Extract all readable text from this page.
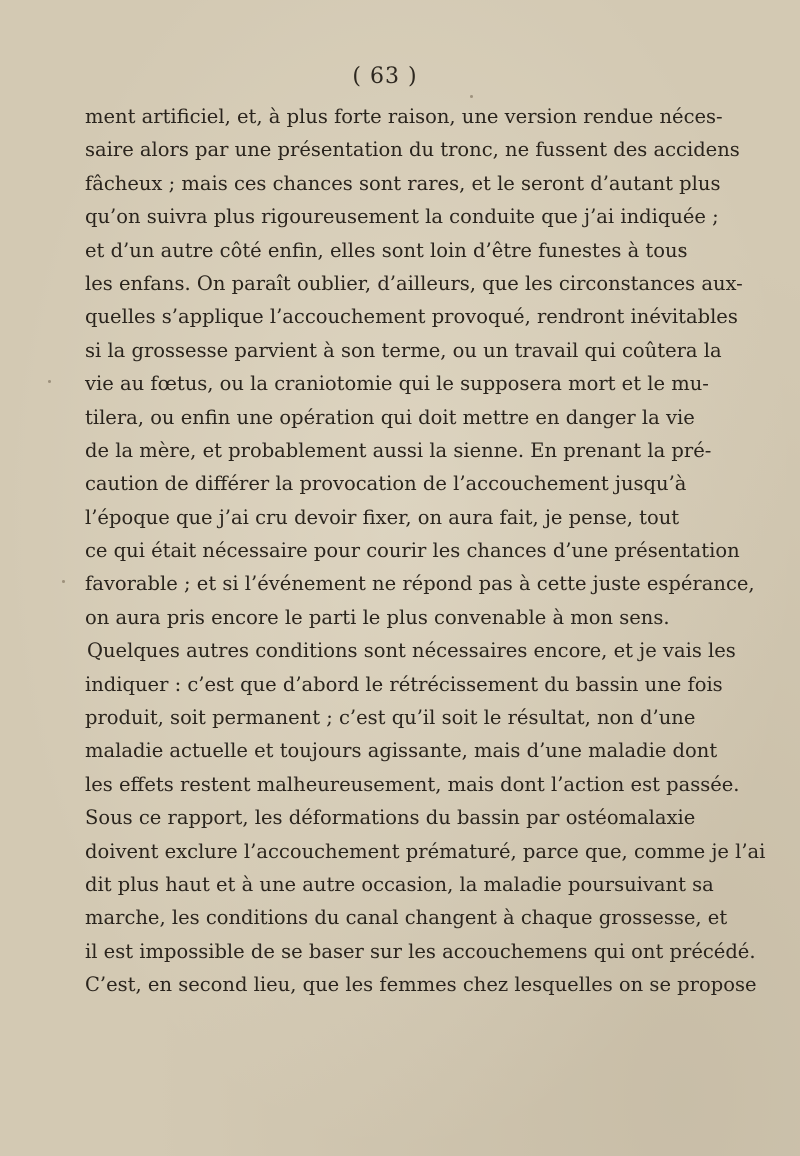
( 63 )
ment artificiel, et, à plus forte raison, une version rendue néces-
saire alors par une présentation du tronc, ne fussent des accidens
fâcheux ; mais ces chances sont rares, et le seront d’autant plus
qu’on suivra plus rigoureusement la conduite que j’ai indiquée ;
et d’un autre côté enfin, elles sont loin d’être funestes à tous
les enfans. On paraît oublier, d’ailleurs, que les circonstances aux-
quelles s’applique l’accouchement provoqué, rendront inévitables
si la grossesse parvient à son terme, ou un travail qui coûtera la
vie au fœtus, ou la craniotomie qui le supposera mort et le mu-
tilera, ou enfin une opération qui doit mettre en danger la vie
de la mère, et probablement aussi la sienne. En prenant la pré-
caution de différer la provocation de l’accouchement jusqu’à
l’époque que j’ai cru devoir fixer, on aura fait, je pense, tout
ce qui était nécessaire pour courir les chances d’une présentation
favorable ; et si l’événement ne répond pas à cette juste espérance,
on aura pris encore le parti le plus convenable à mon sens.
Quelques autres conditions sont nécessaires encore, et je vais les
indiquer : c’est que d’abord le rétrécissement du bassin une fois
produit, soit permanent ; c’est qu’il soit le résultat, non d’une
maladie actuelle et toujours agissante, mais d’une maladie dont
les effets restent malheureusement, mais dont l’action est passée.
Sous ce rapport, les déformations du bassin par ostéomalaxie
doivent exclure l’accouchement prématuré, parce que, comme je l’ai
dit plus haut et à une autre occasion, la maladie poursuivant sa
marche, les conditions du canal changent à chaque grossesse, et
il est impossible de se baser sur les accouchemens qui ont précédé.
C’est, en second lieu, que les femmes chez lesquelles on se propose
